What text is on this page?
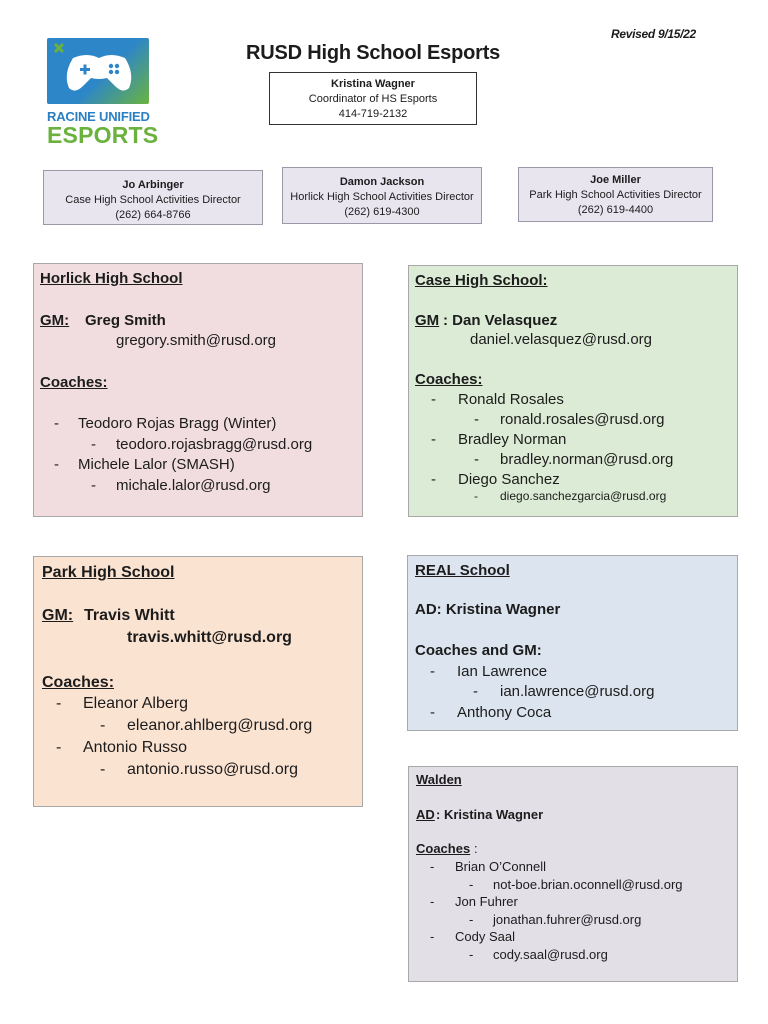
Revised 9/15/22
RUSD High School Esports
RACINE UNIFIED
ESPORTS
Kristina Wagner
Coordinator of HS Esports
414-719-2132
Jo Arbinger
Case High School Activities Director
(262) 664-8766
Damon Jackson
Horlick High School Activities Director
(262) 619-4300
Joe Miller
Park High School Activities Director
(262) 619-4400
Horlick High School
GM: Greg Smith
gregory.smith@rusd.org
Coaches:
- Teodoro Rojas Bragg (Winter)
- teodoro.rojasbragg@rusd.org
- Michele Lalor (SMASH)
- michale.lalor@rusd.org
Case High School:
GM : Dan Velasquez
daniel.velasquez@rusd.org
Coaches:
- Ronald Rosales
- ronald.rosales@rusd.org
- Bradley Norman
- bradley.norman@rusd.org
- Diego Sanchez
- diego.sanchezgarcia@rusd.org
Park High School
GM: Travis Whitt
travis.whitt@rusd.org
Coaches:
- Eleanor Alberg
- eleanor.ahlberg@rusd.org
- Antonio Russo
- antonio.russo@rusd.org
REAL School
AD: Kristina Wagner
Coaches and GM:
- Ian Lawrence
- ian.lawrence@rusd.org
- Anthony Coca
Walden
AD : Kristina Wagner
Coaches :
- Brian O’Connell
- not-boe.brian.oconnell@rusd.org
- Jon Fuhrer
- jonathan.fuhrer@rusd.org
- Cody Saal
- cody.saal@rusd.org
